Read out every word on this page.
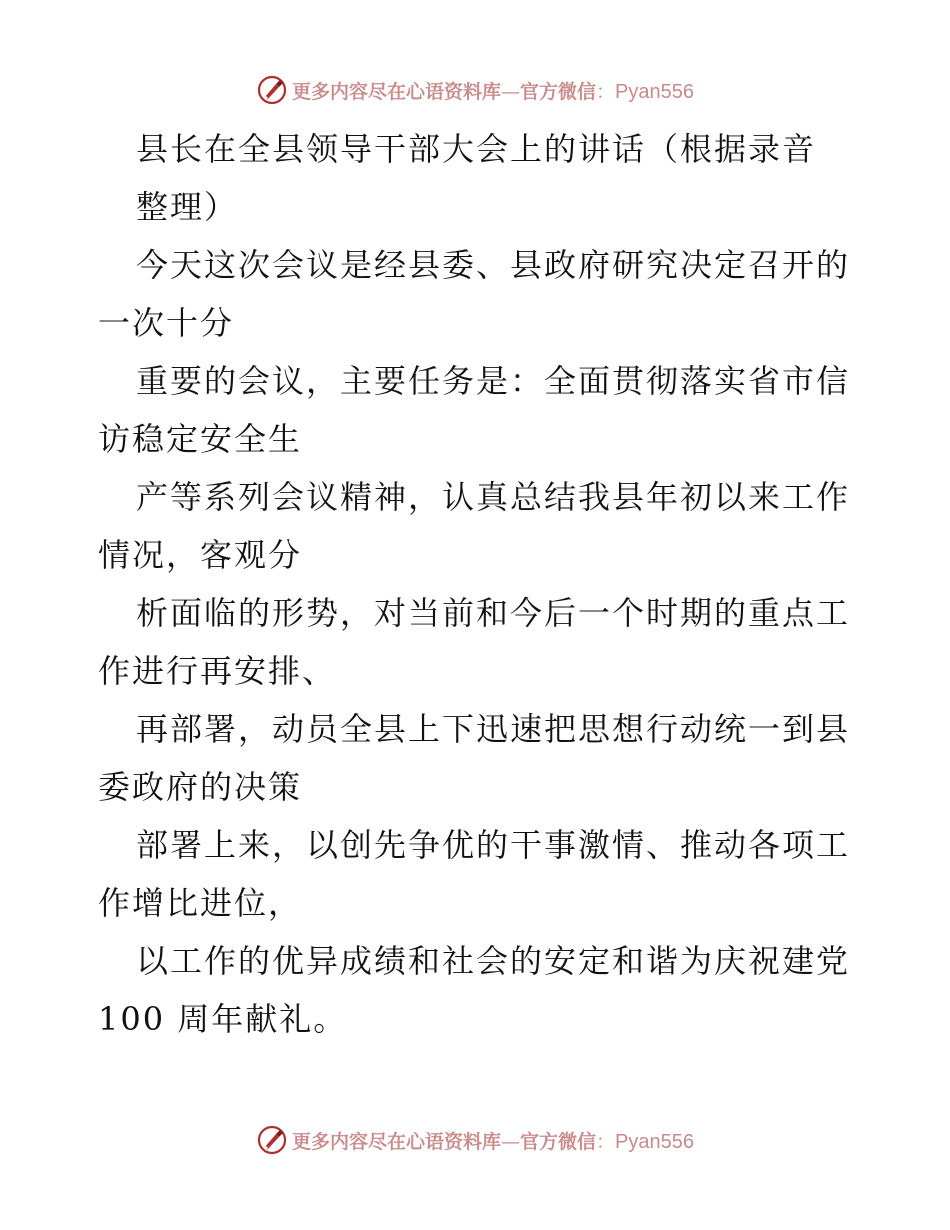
更多内容尽在心语资料库—官方微信：Pyan556
县长在全县领导干部大会上的讲话（根据录音
整理）
今天这次会议是经县委、县政府研究决定召开的
一次十分
重要的会议，主要任务是：全面贯彻落实省市信
访稳定安全生
产等系列会议精神，认真总结我县年初以来工作
情况，客观分
析面临的形势，对当前和今后一个时期的重点工
作进行再安排、
再部署，动员全县上下迅速把思想行动统一到县
委政府的决策
部署上来，以创先争优的干事激情、推动各项工
作增比进位，
以工作的优异成绩和社会的安定和谐为庆祝建党
100 周年献礼。
更多内容尽在心语资料库—官方微信：Pyan556
